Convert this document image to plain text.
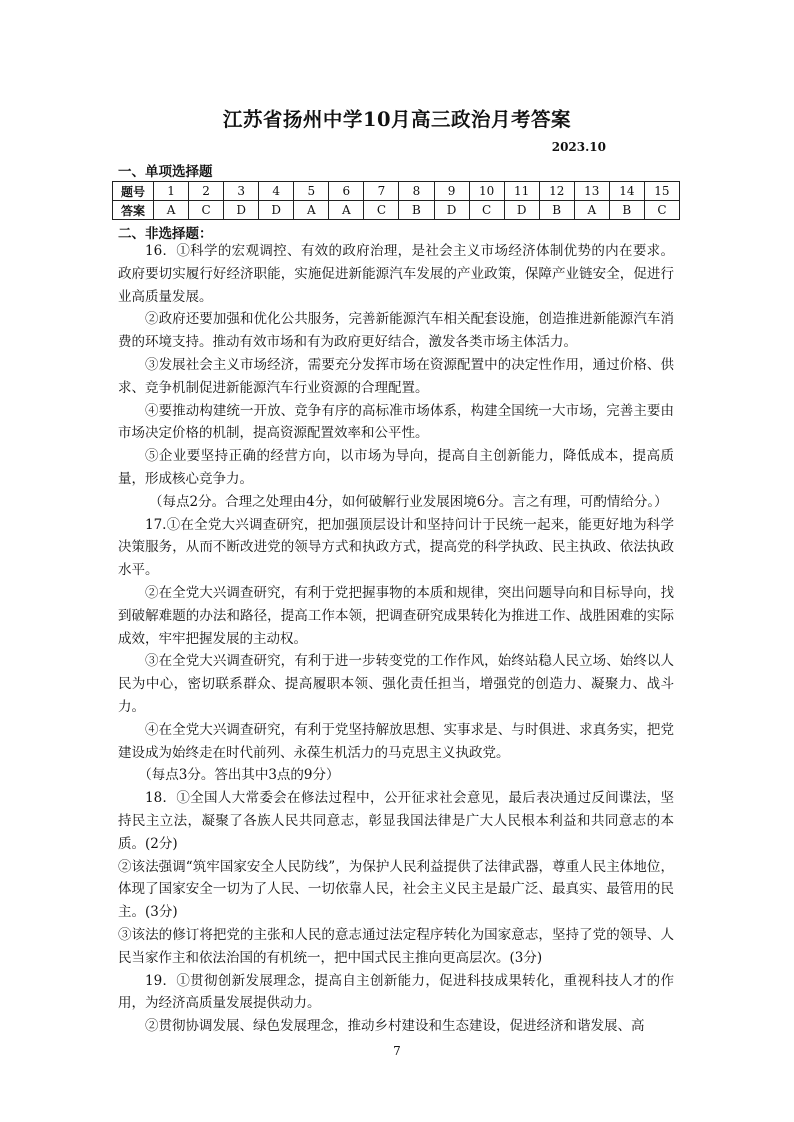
江苏省扬州中学10月高三政治月考答案
2023.10
一、单项选择题
题号	1	2	3	4	5	6	7	8	9	10	11	12	13	14	15
答案	A	C	D	D	A	A	C	B	D	C	D	B	A	B	C
二、非选择题：

16．①科学的宏观调控、有效的政府治理，是社会主义市场经济体制优势的内在要求。政府要切实履行好经济职能，实施促进新能源汽车发展的产业政策，保障产业链安全，促进行业高质量发展。

②政府还要加强和优化公共服务，完善新能源汽车相关配套设施，创造推进新能源汽车消费的环境支持。推动有效市场和有为政府更好结合，激发各类市场主体活力。

③发展社会主义市场经济，需要充分发挥市场在资源配置中的决定性作用，通过价格、供求、竞争机制促进新能源汽车行业资源的合理配置。

④要推动构建统一开放、竞争有序的高标准市场体系，构建全国统一大市场，完善主要由市场决定价格的机制，提高资源配置效率和公平性。

⑤企业要坚持正确的经营方向，以市场为导向，提高自主创新能力，降低成本，提高质量，形成核心竞争力。

（每点2分。合理之处理由4分，如何破解行业发展困境6分。言之有理，可酌情给分。）

17.①在全党大兴调查研究，把加强顶层设计和坚持问计于民统一起来，能更好地为科学决策服务，从而不断改进党的领导方式和执政方式，提高党的科学执政、民主执政、依法执政水平。

②在全党大兴调查研究，有利于党把握事物的本质和规律，突出问题导向和目标导向，找到破解难题的办法和路径，提高工作本领，把调查研究成果转化为推进工作、战胜困难的实际成效，牢牢把握发展的主动权。

③在全党大兴调查研究，有利于进一步转变党的工作作风，始终站稳人民立场、始终以人民为中心，密切联系群众、提高履职本领、强化责任担当，增强党的创造力、凝聚力、战斗力。

④在全党大兴调查研究，有利于党坚持解放思想、实事求是、与时俱进、求真务实，把党建设成为始终走在时代前列、永葆生机活力的马克思主义执政党。

（每点3分。答出其中3点的9分）

18．①全国人大常委会在修法过程中，公开征求社会意见，最后表决通过反间谍法，坚持民主立法，凝聚了各族人民共同意志，彰显我国法律是广大人民根本利益和共同意志的本质。(2分)

②该法强调“筑牢国家安全人民防线”，为保护人民利益提供了法律武器，尊重人民主体地位，体现了国家安全一切为了人民、一切依靠人民，社会主义民主是最广泛、最真实、最管用的民主。(3分)

③该法的修订将把党的主张和人民的意志通过法定程序转化为国家意志，坚持了党的领导、人民当家作主和依法治国的有机统一，把中国式民主推向更高层次。(3分)

19．①贯彻创新发展理念，提高自主创新能力，促进科技成果转化，重视科技人才的作用，为经济高质量发展提供动力。

②贯彻协调发展、绿色发展理念，推动乡村建设和生态建设，促进经济和谐发展、高

7
